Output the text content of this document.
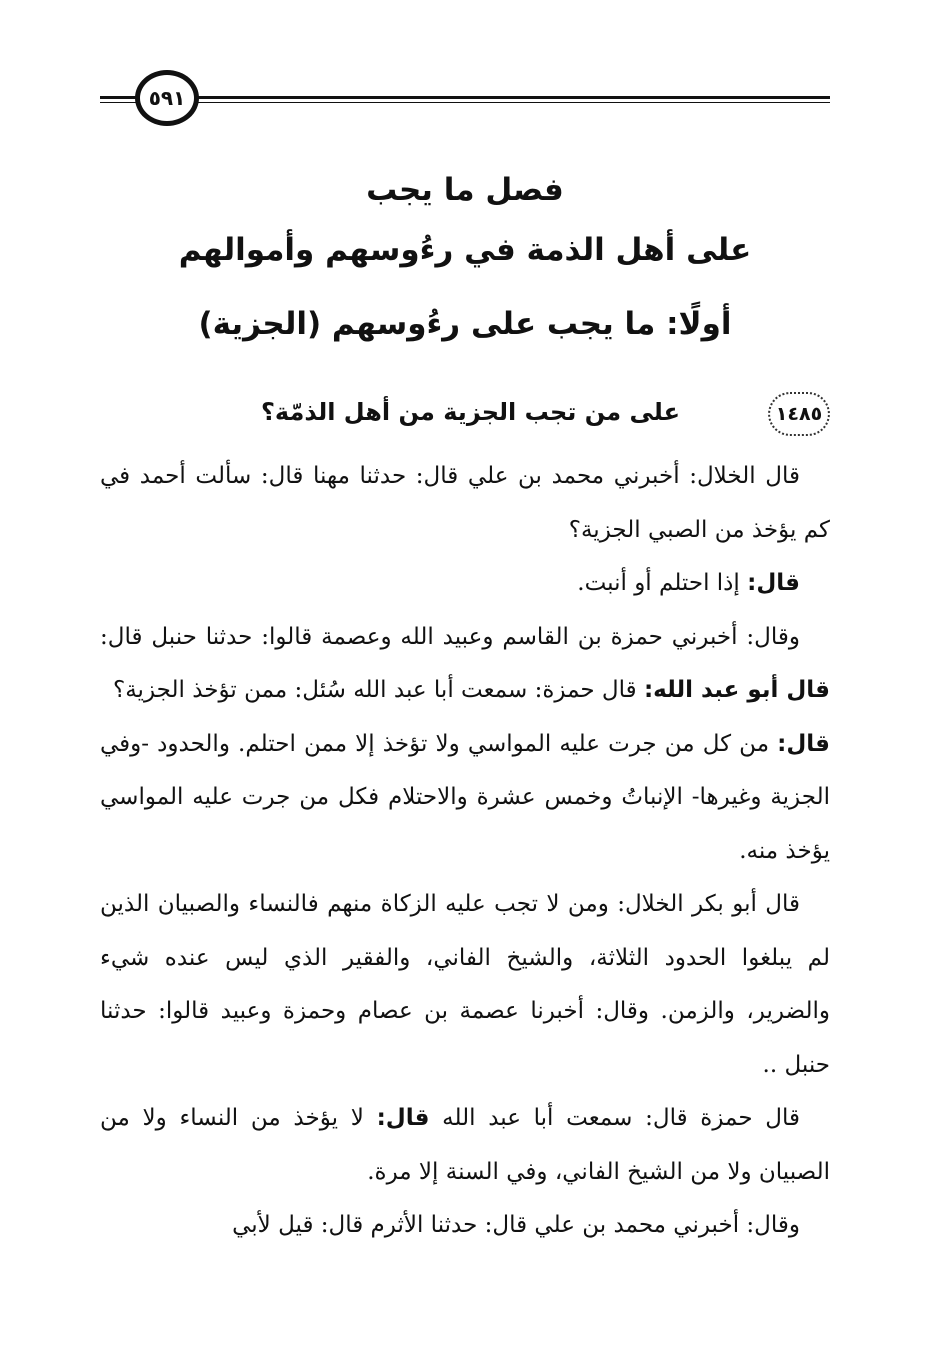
٥٩١
فصل ما يجب
على أهل الذمة في رءُوسهم وأموالهم
أولًا: ما يجب على رءُوسهم (الجزية)
١٤٨٥
على من تجب الجزية من أهل الذمّة؟

قال الخلال: أخبرني محمد بن علي قال: حدثنا مهنا قال: سألت أحمد في كم يؤخذ من الصبي الجزية؟

قال: إذا احتلم أو أنبت.

وقال: أخبرني حمزة بن القاسم وعبيد الله وعصمة قالوا: حدثنا حنبل قال: قال أبو عبد الله: قال حمزة: سمعت أبا عبد الله سُئل: ممن تؤخذ الجزية؟

قال: من كل من جرت عليه المواسي ولا تؤخذ إلا ممن احتلم. والحدود -وفي الجزية وغيرها- الإنباتُ وخمس عشرة والاحتلام فكل من جرت عليه المواسي يؤخذ منه.

قال أبو بكر الخلال: ومن لا تجب عليه الزكاة منهم فالنساء والصبيان الذين لم يبلغوا الحدود الثلاثة، والشيخ الفاني، والفقير الذي ليس عنده شيء والضرير، والزمن. وقال: أخبرنا عصمة بن عصام وحمزة وعبيد قالوا: حدثنا حنبل ..

قال حمزة قال: سمعت أبا عبد الله قال: لا يؤخذ من النساء ولا من الصبيان ولا من الشيخ الفاني، وفي السنة إلا مرة.

وقال: أخبرني محمد بن علي قال: حدثنا الأثرم قال: قيل لأبي
